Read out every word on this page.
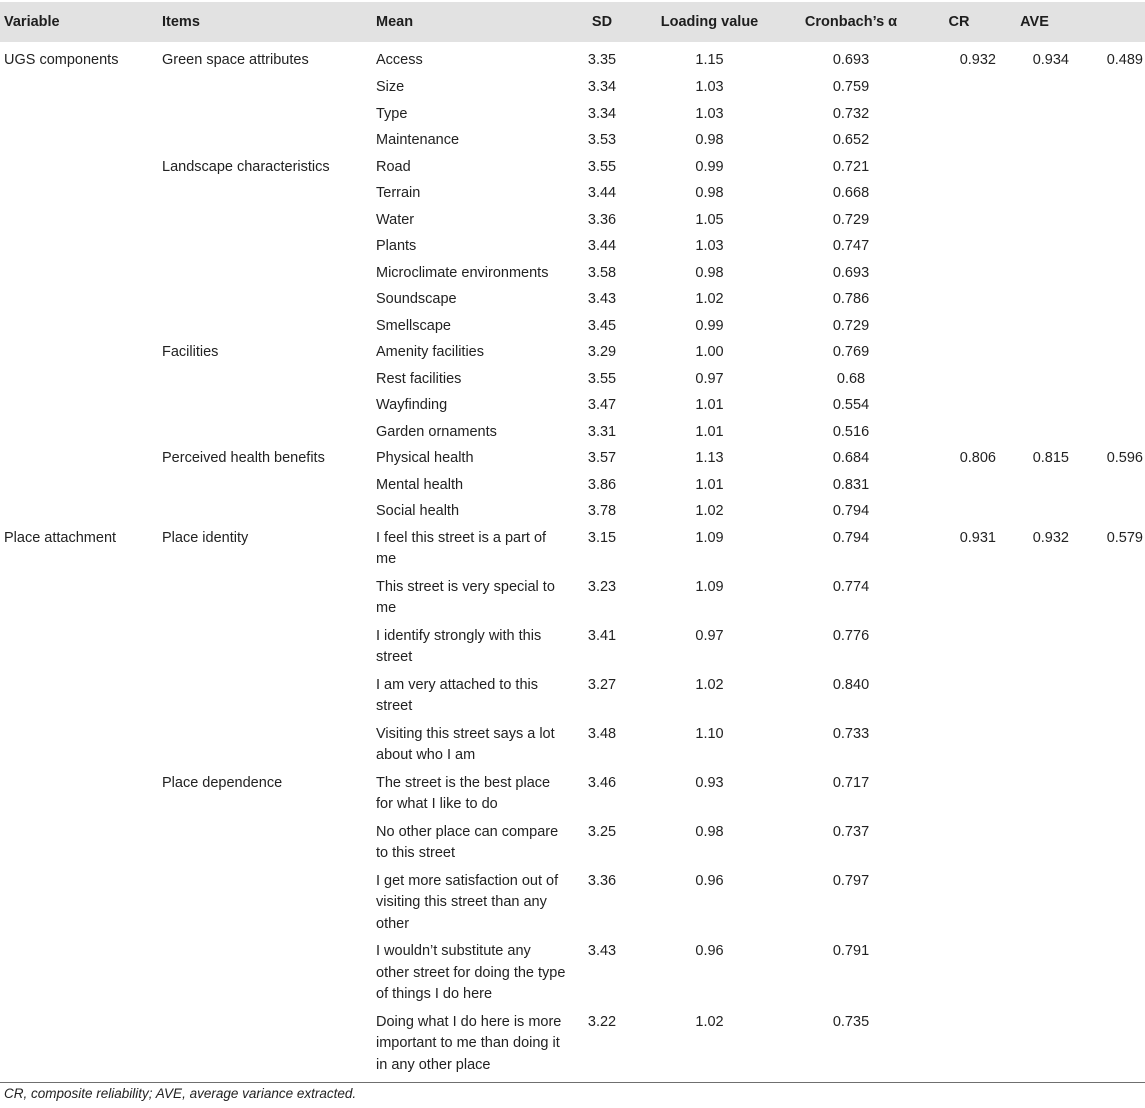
Variable	Items	Mean	SD	Loading value	Cronbach’s α	CR	AVE	
UGS components	Green space attributes	Access	3.35	1.15	0.693	0.932	0.934	0.489
		Size	3.34	1.03	0.759			
		Type	3.34	1.03	0.732			
		Maintenance	3.53	0.98	0.652			
	Landscape characteristics	Road	3.55	0.99	0.721			
		Terrain	3.44	0.98	0.668			
		Water	3.36	1.05	0.729			
		Plants	3.44	1.03	0.747			
		Microclimate environments	3.58	0.98	0.693			
		Soundscape	3.43	1.02	0.786			
		Smellscape	3.45	0.99	0.729			
	Facilities	Amenity facilities	3.29	1.00	0.769			
		Rest facilities	3.55	0.97	0.68			
		Wayfinding	3.47	1.01	0.554			
		Garden ornaments	3.31	1.01	0.516			
	Perceived health benefits	Physical health	3.57	1.13	0.684	0.806	0.815	0.596
		Mental health	3.86	1.01	0.831			
		Social health	3.78	1.02	0.794			
Place attachment	Place identity	I feel this street is a part of me	3.15	1.09	0.794	0.931	0.932	0.579
		This street is very special to me	3.23	1.09	0.774			
		I identify strongly with this street	3.41	0.97	0.776			
		I am very attached to this street	3.27	1.02	0.840			
		Visiting this street says a lot about who I am	3.48	1.10	0.733			
	Place dependence	The street is the best place for what I like to do	3.46	0.93	0.717			
		No other place can compare to this street	3.25	0.98	0.737			
		I get more satisfaction out of visiting this street than any other	3.36	0.96	0.797			
		I wouldn’t substitute any other street for doing the type of things I do here	3.43	0.96	0.791			
		Doing what I do here is more important to me than doing it in any other place	3.22	1.02	0.735			
CR, composite reliability; AVE, average variance extracted.
